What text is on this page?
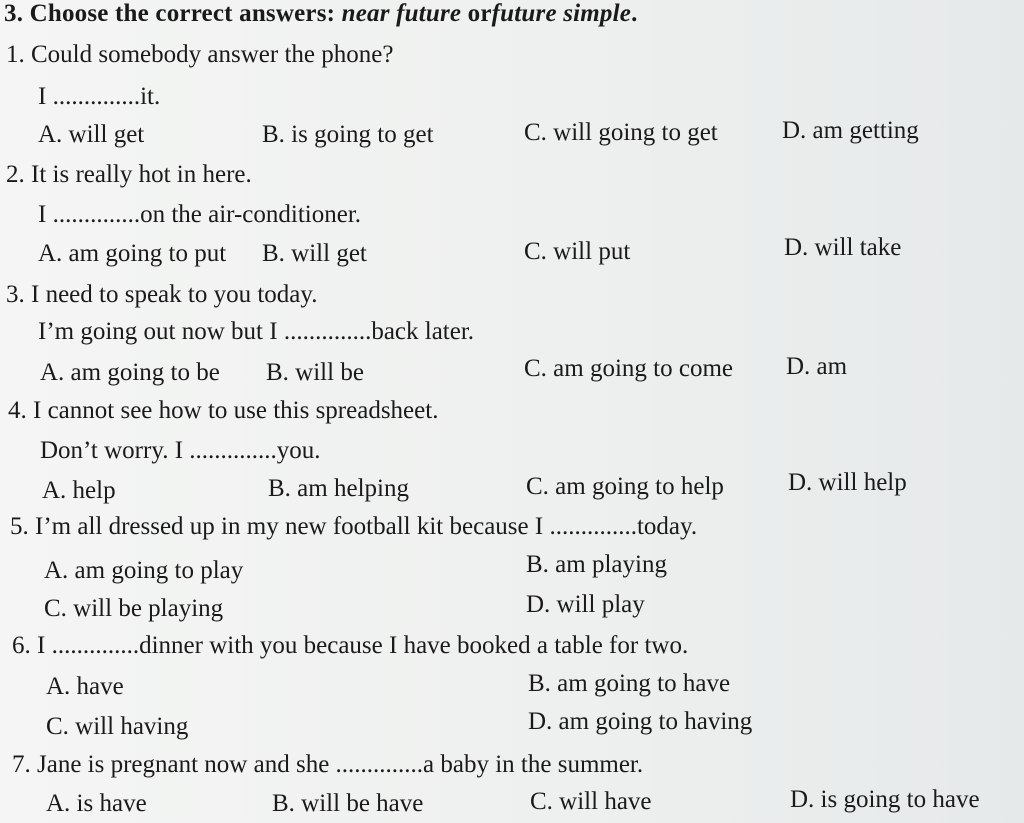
3. Choose the correct answers: near future orfuture simple.
1. Could somebody answer the phone?
I ..............it.
A. will get	B. is going to get	C. will going to get	D. am getting
2. It is really hot in here.
I ..............on the air-conditioner.
A. am going to put B. will get	C. will put	D. will take
3. I need to speak to you today.
I’m going out now but I ..............back later.
A. am going to be B. will be	C. am going to come D. am
4. I cannot see how to use this spreadsheet.
Don’t worry. I ..............you.
A. help	B. am helping	C. am going to help	D. will help
5. I’m all dressed up in my new football kit because I ..............today.
A. am going to play	B. am playing
C. will be playing	D. will play
6. I ..............dinner with you because I have booked a table for two.
A. have	B. am going to have
C. will having	D. am going to having
7. Jane is pregnant now and she ..............a baby in the summer.
A. is have	B. will be have	C. will have	D. is going to have
